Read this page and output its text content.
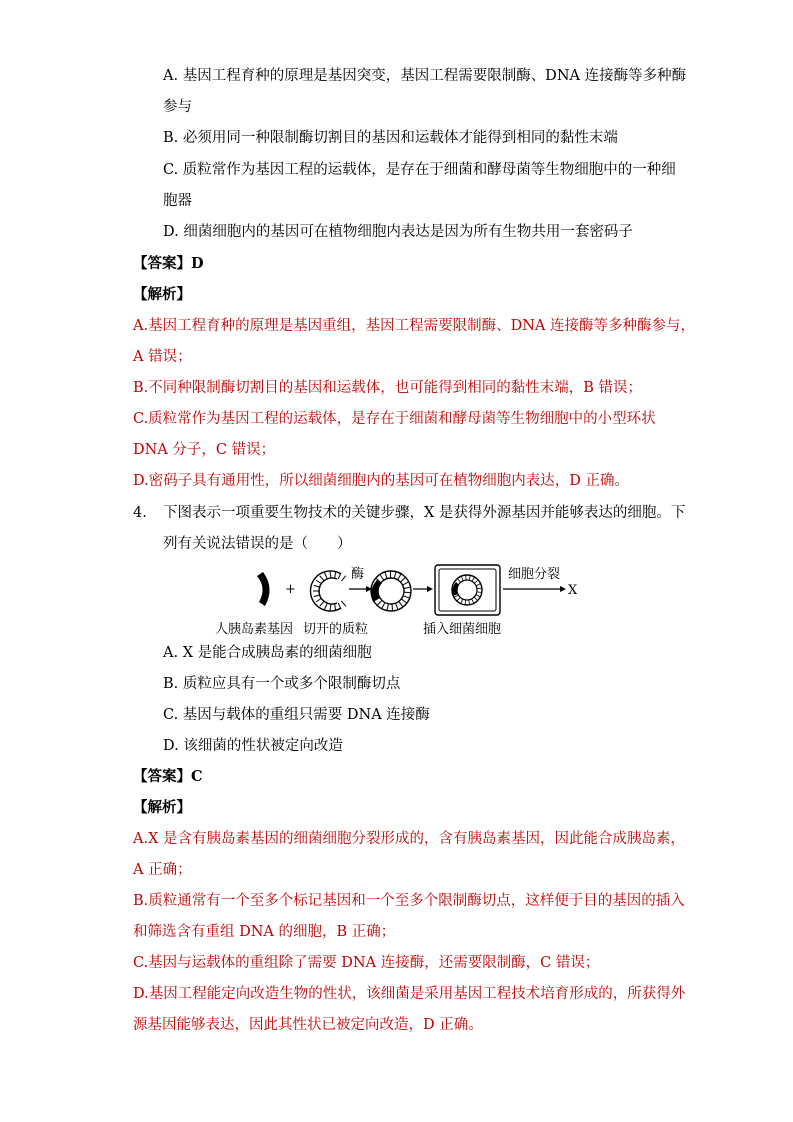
A. 基因工程育种的原理是基因突变，基因工程需要限制酶、DNA 连接酶等多种酶
参与
B. 必须用同一种限制酶切割目的基因和运载体才能得到相同的黏性末端
C. 质粒常作为基因工程的运载体，是存在于细菌和酵母菌等生物细胞中的一种细
胞器
D. 细菌细胞内的基因可在植物细胞内表达是因为所有生物共用一套密码子
【答案】D
【解析】
A.基因工程育种的原理是基因重组，基因工程需要限制酶、DNA 连接酶等多种酶参与，
A 错误；
B.不同种限制酶切割目的基因和运载体，也可能得到相同的黏性末端，B 错误；
C.质粒常作为基因工程的运载体，是存在于细菌和酵母菌等生物细胞中的小型环状
DNA 分子，C 错误；
D.密码子具有通用性，所以细菌细胞内的基因可在植物细胞内表达，D 正确。
4. 下图表示一项重要生物技术的关键步骤，X 是获得外源基因并能够表达的细胞。下
列有关说法错误的是（　　）
+
酶	细胞分裂
X
人胰岛素基因 切开的质粒	插入细菌细胞
A. X 是能合成胰岛素的细菌细胞
B. 质粒应具有一个或多个限制酶切点
C. 基因与载体的重组只需要 DNA 连接酶
D. 该细菌的性状被定向改造
【答案】C
【解析】
A.X 是含有胰岛素基因的细菌细胞分裂形成的，含有胰岛素基因，因此能合成胰岛素，
A 正确；
B.质粒通常有一个至多个标记基因和一个至多个限制酶切点，这样便于目的基因的插入
和筛选含有重组 DNA 的细胞，B 正确；
C.基因与运载体的重组除了需要 DNA 连接酶，还需要限制酶，C 错误；
D.基因工程能定向改造生物的性状，该细菌是采用基因工程技术培育形成的，所获得外
源基因能够表达，因此其性状已被定向改造，D 正确。
